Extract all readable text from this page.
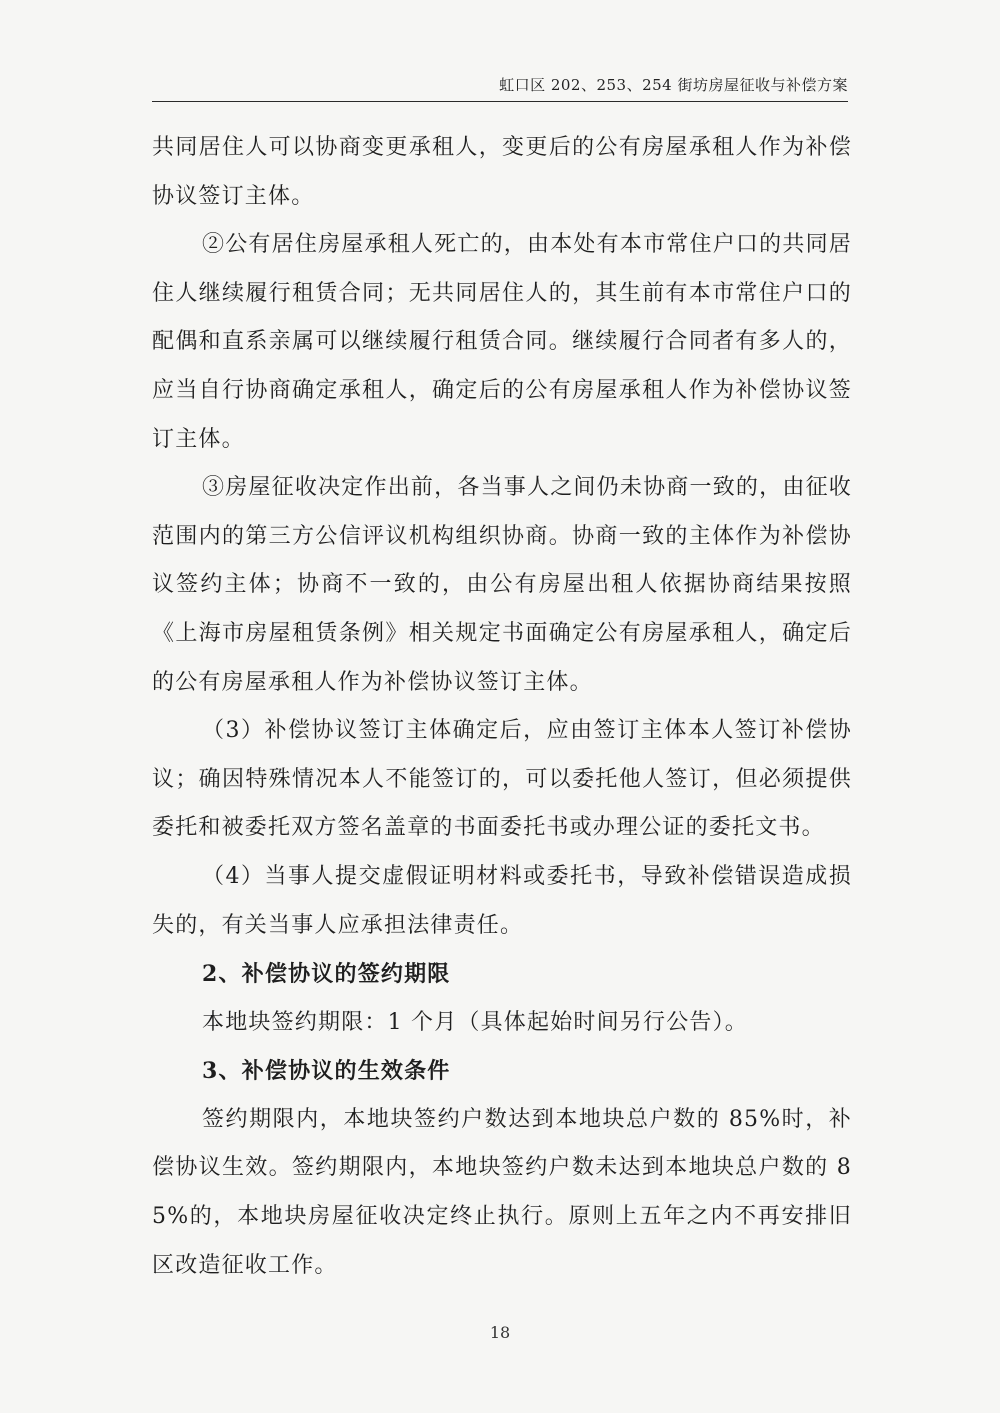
虹口区 202、253、254 街坊房屋征收与补偿方案

共同居住人可以协商变更承租人，变更后的公有房屋承租人作为补偿协议签订主体。

②公有居住房屋承租人死亡的，由本处有本市常住户口的共同居住人继续履行租赁合同；无共同居住人的，其生前有本市常住户口的配偶和直系亲属可以继续履行租赁合同。继续履行合同者有多人的，应当自行协商确定承租人，确定后的公有房屋承租人作为补偿协议签订主体。

③房屋征收决定作出前，各当事人之间仍未协商一致的，由征收范围内的第三方公信评议机构组织协商。协商一致的主体作为补偿协议签约主体；协商不一致的，由公有房屋出租人依据协商结果按照《上海市房屋租赁条例》相关规定书面确定公有房屋承租人，确定后的公有房屋承租人作为补偿协议签订主体。

（3）补偿协议签订主体确定后，应由签订主体本人签订补偿协议；确因特殊情况本人不能签订的，可以委托他人签订，但必须提供委托和被委托双方签名盖章的书面委托书或办理公证的委托文书。

（4）当事人提交虚假证明材料或委托书，导致补偿错误造成损失的，有关当事人应承担法律责任。

2、补偿协议的签约期限

本地块签约期限：1 个月（具体起始时间另行公告）。

3、补偿协议的生效条件

签约期限内，本地块签约户数达到本地块总户数的 85%时，补偿协议生效。签约期限内，本地块签约户数未达到本地块总户数的 85%的，本地块房屋征收决定终止执行。原则上五年之内不再安排旧区改造征收工作。

18
